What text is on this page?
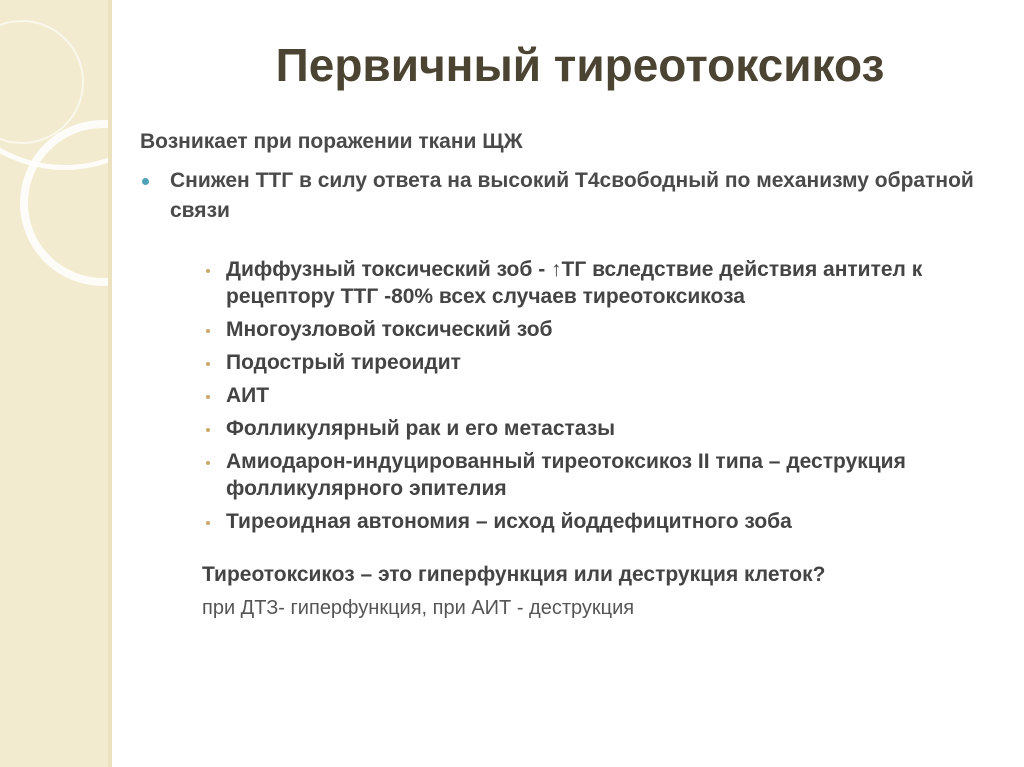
Первичный тиреотоксикоз
Возникает при поражении ткани ЩЖ
Снижен ТТГ в силу ответа на высокий Т4свободный по механизму обратной связи
Диффузный токсический зоб - ↑ТГ вследствие действия антител к рецептору ТТГ -80% всех случаев тиреотоксикоза
Многоузловой токсический зоб
Подострый тиреоидит
АИТ
Фолликулярный рак и его метастазы
Амиодарон-индуцированный тиреотоксикоз II типа – деструкция фолликулярного эпителия
Тиреоидная автономия – исход йоддефицитного зоба
Тиреотоксикоз – это гиперфункция или деструкция клеток?
при ДТЗ- гиперфункция, при АИТ - деструкция
